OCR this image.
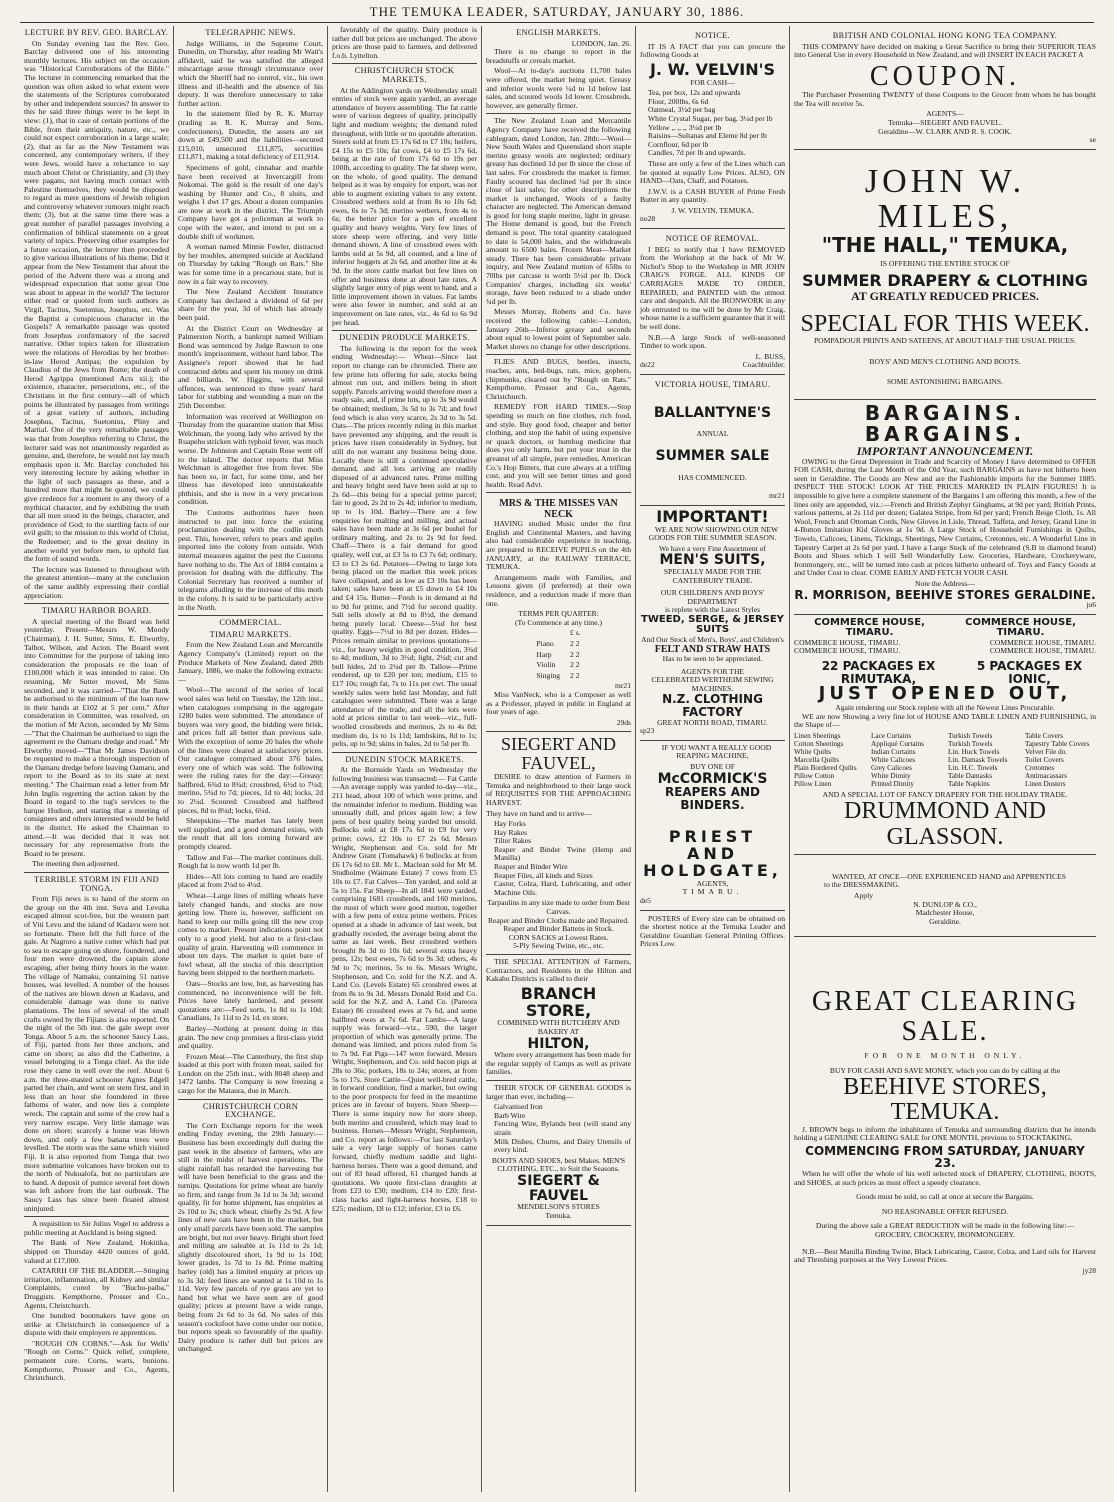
THE TEMUKA LEADER, SATURDAY, JANUARY 30, 1886.
LECTURE BY REV. GEO. BARCLAY.

On Sunday evening last the Rev. Geo. Barclay delivered one of his interesting monthly lectures. His subject on the occasion was "Historical Corroborations of the Bible." The lecturer in commencing remarked that the question was often asked to what extent were the statements of the Scriptures corroborated by other and independent sources? In answer to this he said three things were to be kept in view: (1), that in case of certain portions of the Bible, from their antiquity, nature, etc., we could not expect corroboration in a large scale; (2), that as far as the New Testament was concerned, any contemporary writers, if they were Jews, would have a reluctance to say much about Christ or Christianity, and (3) they were pagans, not having much contact with Palestine themselves, they would be disposed to regard as mere questions of Jewish religion and controversy whatever rumours might reach them; (3), but at the same time there was a great number of parallel passages involving a confirmation of biblical statements on a great variety of topics. Preserving other examples for a future occasion, the lecturer then proceeded to give various illustrations of his theme. Did it appear from the New Testament that about the period of the Advent there was a strong and widespread expectation that some great One was about to appear in the world? The lecturer either read or quoted from such authors as Virgil, Tacitus, Suetonius, Josephus, etc. Was the Baptist a conspicuous character in the Gospels? A remarkable passage was quoted from Josephus confirmatory of the sacred narrative. Other topics taken for illustration were the relations of Herodias by her brother-in-law Herod Antipas; the expulsion by Claudius of the Jews from Rome; the death of Herod Agrippa (mentioned Acts xii.); the existence, character, persecutions, etc., of the Christians in the first century—all of which points he illustrated by passages from writings of a great variety of authors, including Josephus, Tacitus, Suetonius, Pliny and Martial. One of the very remarkable passages was that from Josephus referring to Christ, the lecturer said was not unanimously regarded as genuine, and, therefore, he would not lay much emphasis upon it. Mr. Barclay concluded his very interesting lecture by asking whether in the light of such passages as these, and a hundred more that might be quoted, we could give credence for a moment to any theory of a mythical character, and by exhibiting the truth that all men stood in the beings, character, and providence of God; to the startling facts of our evil guilt; to the mission to this world of Christ, the Redeemer; and to the great destiny in another world yet before men, to uphold fast the form of sound words.

The lecture was listened to throughout with the greatest attention—many at the conclusion of the same audibly expressing their cordial appreciation.

TIMARU HARBOR BOARD.

A special meeting of the Board was held yesterday. Present—Messrs W. Moody (Chairman), J. H. Sutter, Sims, E. Elworthy, Talbot, Wilson, and Acton. The Board went into Committee for the purpose of taking into consideration the proposals re the loan of £100,000 which it was intended to raise. On resuming, Mr Sutter moved, Mr Sims seconded, and it was carried—"That the Bank be authorised to the minimum of the loan now in their hands at £102 at 5 per cent." After consideration in Committee, was resolved, on the motion of Mr Acton, seconded by Mr Sims—"That the Chairman be authorised to sign the agreement re the Oamaru dredge and road." Mr Elworthy moved—"That Mr James Davidson be requested to make a thorough inspection of the Oamaru dredge before leaving Oamaru, and report to the Board as to its state at next meeting." The Chairman read a letter from Mr John Inglis regretting the action taken by the Board in regard to the tug's services to the barque Hudson, and stating that a meeting of consignees and others interested would be held in the district. He asked the Chairman to attend.—It was decided that it was not necessary for any representative from the Board to be present.

The meeting then adjourned.

TERRIBLE STORM IN FIJI AND TONGA.

From Fiji news is to hand of the storm on the group on the 4th inst. Suva and Levuka escaped almost scot-free, but the western part of Viti Levu and the island of Kadavu were not so fortunate. There fell the full force of the gale. At Nagroro a native cutter which had put to sea to escape going on shore, foundered, and four men were drowned, the captain alone escaping, after being thirty hours in the water. The village of Namaku, containing 51 native houses, was levelled. A number of the houses of the natives are blown down at Kadavu, and considerable damage was done to native plantations. The loss of several of the small crafts owned by the Fijians is also reported. On the night of the 5th inst. the gale swept over Tonga. About 5 a.m. the schooner Saucy Lass, of Fiji, parted from her three anchors, and came on shore; as also did the Catherine, a vessel belonging to a Tonga chief. As the tide rose they came in well over the reef. About 6 a.m. the three-masted schooner Agnes Edgell parted her chain, and went on stern first, and in less than an hour she foundered in three fathoms of water, and now lies a complete wreck. The captain and some of the crew had a very narrow escape. Very little damage was done on shore; scarcely a house was blown down, and only a few banana trees were levelled. The storm was the same which visited Fiji. It is also reported from Tonga that two more submarine volcanoes have broken out to the north of Nukualofa, but no particulars are to hand. A deposit of pumice several feet down was left ashore from the last outbreak. The Saucy Lass has since been floated almost uninjured.

A requisition to Sir Julius Vogel to address a public meeting at Auckland is being signed.

The Bank of New Zealand, Hokitika, shipped on Thursday 4420 ounces of gold, valued at £17,000.

CATARRH OF THE BLADDER.—Stinging irritation, inflammation, all Kidney and similar Complaints, cured by "Buchu-paiba," Druggists. Kempthorne, Prosser and Co., Agents, Christchurch.

One hundred bootmakers have gone on strike at Christchurch in consequence of a dispute with their employers re apprentices.

"ROUGH ON CORNS."—Ask for Wells' "Rough on Corns." Quick relief, complete, permanent cure. Corns, warts, bunions. Kempthorne, Prosser and Co., Agents, Christchurch.

TELEGRAPHIC NEWS.

Judge Williams, in the Supreme Court, Dunedin, on Thursday, after reading Mr Watt's affidavit, said he was satisfied the alleged miscarriage arose through circumstance over which the Sheriff had no control, viz., his own illness and ill-health and the absence of his deputy. It was therefore unnecessary to take further action.

In the statement filed by R. K. Murray (trading as R. K. Murray and Sons, confectioners), Dunedin, the assets are set down at £49,500 and the liabilities—secured £15,010, unsecured £11,875, securities £11,871, making a total deficiency of £11,914.

Specimens of gold, cinnabar and marble have been received at Invercargill from Nokomai. The gold is the result of one day's washing by Hunter and Co., 8 sluits, and weighs 1 dwt 17 grs. About a dozen companies are now at work in the district. The Triumph Company have got a policeman at work to cope with the water, and intend to put on a double shift of workmen.

A woman named Minnie Fowler, distracted by her troubles, attempted suicide at Auckland on Thursday by taking "Rough on Rats." She was for some time in a precarious state, but is now in a fair way to recovery.

The New Zealand Accident Insurance Company has declared a dividend of 6d per share for the year, 3d of which has already been paid.

At the District Court on Wednesday at Palmerston North, a bankrupt named William Bond was sentenced by Judge Rawson to one month's imprisonment, without hard labor. The Assignee's report showed that he had contracted debts and spent his money on drink and billiards. W. Higgins, with several offences, was sentenced to three years' hard labor for stabbing and wounding a man on the 25th December.

Information was received at Wellington on Thursday from the quarantine station that Miss Welchman, the young lady who arrived by the Ruapehu stricken with typhoid fever, was much worse. Dr Johnston and Captain Rose went off to the island. The doctor reports that Miss Welchman is altogether free from fever. She has been so, in fact, for some time, and her illness has developed into unmistakeable phthisis, and she is now in a very precarious condition.

The Customs authorities have been instructed to put into force the existing proclamation dealing with the codlin moth pest. This, however, refers to pears and apples imported into the colony from outside. With internal measures against the pest the Customs have nothing to do. The Act of 1884 contains a provision for dealing with the difficulty. The Colonial Secretary has received a number of telegrams alluding to the increase of this moth in the colony. It is said to be particularly active in the North.

COMMERCIAL.
TIMARU MARKETS.

From the New Zealand Loan and Mercantile Agency Company's (Limited) report on the Produce Markets of New Zealand, dated 28th January, 1886, we make the following extracts:—

Wool—The second of the series of local wool sales was held on Tuesday, the 12th inst., when catalogues comprising in the aggregate 1280 bales were submitted. The attendance of buyers was very good, the bidding were brisk, and prices full all better than previous sale. With the exception of some 20 bales the whole of the lines were cleared at satisfactory prices. Our catalogue comprised about 376 bales, every one of which was sold. The following were the ruling rates for the day:—Greasy: halfbred, 6¾d to 8¾d; crossbred, 6½d to 7¼d; merino, 5¾d to 7d; pieces, 1d to 4d; locks, 2d to 2¼d. Scoured: Crossbred and halfbred pieces, 8d to 8¼d; locks, 6¼d.

Sheepskins—The market has lately been well supplied, and a good demand exists, with the result that all lots coming forward are promptly cleared.

Tallow and Fat—The market continues dull. Rough fat is now worth 1d per lb.

Hides—All lots coming to hand are readily placed at from 2¼d to 4¼d.

Wheat—Large lines of milling wheats have lately changed hands, and stocks are now getting low. There is, however, sufficient on hand to keep our mills going till the new crop comes to market. Present indications point not only to a good yield, but also to a first-class quality of grain. Harvesting will commence in about ten days. The market is quiet bare of fowl wheat, all the stocks of this description having been shipped to the northern markets.

Oats—Stocks are low, but, as harvesting has commenced, no inconvenience will be felt. Prices have lately hardened, and present quotations are:—Feed sorts, 1s 8d to 1s 10d; Canadians, 1s 11d to 2s 1d, ex store.

Barley—Nothing at present doing in this grain. The new crop promises a first-class yield and quality.

Frozen Meat—The Canterbury, the first ship loaded at this port with frozen meat, sailed for London on the 25th inst., with 8048 sheep and 1472 lambs. The Company is now freezing a cargo for the Mataura, due in March.

CHRISTCHURCH CORN EXCHANGE.

The Corn Exchange reports for the week ending Friday evening, the 29th January:— Business has been exceedingly dull during the past week in the absence of farmers, who are still in the midst of harvest operations. The slight rainfall has retarded the harvesting but will have been beneficial to the grass and the turnips. Quotations for prime wheat are barely so firm, and range from 3s 1d to 3s 3d; second quality, fit for home shipment, has enquiries at 2s 10d to 3s; chick wheat, chiefly 2s 9d. A few lines of new oats have been in the market, but only small parcels have been sold. The samples are bright, but not over heavy. Bright short feed and milling are saleable at 1s 11d to 2s 1d; slightly discoloured short, 1s 9d to 1s 10d; lower grades, 1s 7d to 1s 8d. Prime malting barley (old) has a limited enquiry at prices up to 3s 3d; feed lines are wanted at 1s 10d to 1s 11d. Very few parcels of rye grass are yet to hand but what we have seen are of good quality; prices at present have a wide range, being from 2s 6d to 3s 6d. No sales of this season's cocksfoot have come under our notice, but reports speak so favourably of the quality. Dairy produce is rather dull but prices are unchanged.

favorably of the quality. Dairy produce is rather dull but prices are unchanged. The above prices are those paid to farmers, and delivered f.o.b. Lyttelton.

CHRISTCHURCH STOCK MARKETS.

At the Addington yards on Wednesday small entries of stock were again yarded, an average attendance of buyers assembling. The fat cattle were of various degrees of quality, principally light and medium weights; the demand ruled throughout, with little or no quotable alteration. Steers sold at from £5 17s 6d to £7 10s; heifers, £4 15s to £5 10s; fat cows, £4 to £5 17s 6d, being at the rate of from 17s 6d to 19s per 100lb, according to quality. The fat sheep were, on the whole, of good quality. The demand helped as it was by enquiry for export, was not able to augment existing values to any extent. Crossbred wethers sold at from 8s to 10s 6d; ewes, 6s to 7s 3d; merino wethers, from 4s to 6s; the better price for a pen of excellent quality and heavy weights. Very few lines of store sheep were offering, and very little demand shown. A line of crossbred ewes with lambs sold at 5s 9d, all counted, and a line of inferior hoggets at 2s 6d, and another line at 4s 9d. In the store cattle market but few lines on offer and business done at about late rates. A slightly larger entry of pigs went to hand, and a little improvement shown in values. Fat lambs were also fewer in number, and sold at an improvement on late rates, viz., 4s 6d to 6s 9d per head.

DUNEDIN PRODUCE MARKETS.

The following is the report for the week ending Wednesday:— Wheat—Since last report no change can be chronicled. There are few prime lots offering for sale, stocks being almost run out, and millers being in short supply. Parcels arriving would therefore meet a ready sale, and, if prime lots, up to 3s 9d would be obtained; medium, 3s 5d to 3s 7d; and fowl feed which is also very scarce, 2s 3d to 3s 5d. Oats—The prices recently ruling in this market have prevented any shipping, and the result is prices have risen considerably in Sydney, but still do not warrant any business being done. Locally there is still a continued speculative demand, and all lots arriving are readily disposed of at advanced rates. Prime milling and heavy bright seed have been sold at up to 2s 6d—this being for a special prime parcel; fair to good, 2s 2d to 2s 4d; inferior to medium, up to 1s 10d. Barley—There are a few enquiries for malting and milling, and actual sales have been made at 3s 6d per bushel for ordinary malting, and 2s to 2s 9d for feed. Chaff—There is a fair demand for good quality, well cut, at £3 5s to £3 7s 6d; ordinary, £3 to £3 2s 6d. Potatoes—Owing to large lots being placed on the market this week prices have collapsed, and as low as £3 10s has been taken; sales have been at £5 down to £4 10s and £4 15s. Butter—Fresh is in demand at 8d to 9d for prime, and 7½d for second quality. Salt sells slowly at 8d to 8½d, the demand being purely local. Cheese—5¼d for best quality. Eggs—7½d to 8d per dozen. Hides—Prices remain similar to previous quotations—viz., for heavy weights in good condition, 3¾d to 4d; medium, 3d to 3½d; light, 2¼d; cut and bull hides, 2d to 2¼d per lb. Tallow—Prime rendered, up to £20 per ton; medium, £15 to £17 10s; rough fat, 7s to 11s per cwt. The usual weekly sales were held last Monday, and full catalogues were submitted. There was a large attendance of the trade, and all the lots were sold at prices similar to last week—viz., full-woolled crossbreds and merinos, 2s to 4s 8d; medium do, 1s to 1s 11d; lambskins, 8d to 1s; pelts, up to 9d; skins in bales, 2d to 5d per lb.

DUNEDIN STOCK MARKETS.

At the Burnside Yards on Wednesday the following business was transacted:— Fat Cattle—An average supply was yarded to-day—viz., 211 head, about 100 of which were prime, and the remainder inferior to medium. Bidding was unusually dull, and prices again low; a few pens of best quality being yarded but unsold. Bullocks sold at £8 17s 6d to £9 for very prime; cows, £2 10s to £7 2s 6d. Messrs Wright, Stephenson and Co. sold for Mr Andrew Grant (Tomahawk) 6 bullocks at from £6 17s 6d to £8. Mr L. Maclean sold for Mr M. Studholme (Waimate Estate) 7 cows from £5 10s to £7. Fat Calves—Ten yarded, and sold at 5s to 15s. Fat Sheep—In all 1841 were yarded, comprising 1681 crossbreds, and 160 merinos, the most of which were good mutton, together with a few pens of extra prime wethers. Prices opened at a shade in advance of last week, but gradually receded, the average being about the same as last week. Best crossbred wethers brought 8s 3d to 10s 6d; several extra heavy pens, 12s; best ewes, 7s 6d to 9s 3d; others, 4s 9d to 7s; merinos, 5s to 6s. Messrs Wright, Stephenson, and Co. sold for the N.Z. and A. Land Co. (Levels Estate) 65 crossbred ewes at from 8s to 9s 3d. Messrs Donald Reid and Co. sold for the N.Z. and A. Land Co. (Pareora Estate) 86 crossbred ewes at 7s 6d, and some halfbred ewes at 7s 6d. Fat Lambs—A large supply was forward—viz., 590, the larger proportion of which was generally prime. The demand was limited, and prices ruled from 5s to 7s 9d. Fat Pigs—147 were forward. Messrs Wright, Stephenson, and Co. sold bacon pigs at 28s to 36s; porkers, 18s to 24s; stores, at from 5s to 17s. Store Cattle—Quiet well-bred cattle, in forward condition, find a market, but owing to the poor prospects for feed in the meantime prices are in favour of buyers. Store Sheep—There is some inquiry now for store sheep, both merino and crossbred, which may lead to business. Horses—Messrs Wright, Stephenson, and Co. report as follows:—For last Saturday's sale a very large supply of horses came forward, chiefly medium saddle and light-harness horses. There was a good demand, and out of 83 head offered, 61 changed hands at quotations. We quote first-class draughts at from £23 to £30; medium, £14 to £20; first-class hacks and light-harness horses, £18 to £25; medium, £8 to £12; inferior, £3 to £6.

ENGLISH MARKETS.
LONDON, Jan. 26.

There is no change to report in the breadstuffs or cereals market.

Wool—At to-day's auctions 11,700 bales were offered, the market being quiet. Greasy and inferior wools were ¼d to 1d below last sales, and scoured wools 1d lower. Crossbreds, however, are generally firmer.

The New Zealand Loan and Mercantile Agency Company have received the following cablegram, dated London, Jan. 28th:—Wool—New South Wales and Queensland short staple merino greasy wools are neglected; ordinary greasy has declined 1d per lb since the close of last sales. For crossbreds the market is firmer. Faulty scoured has declined ¼d per lb since close of last sales; for other descriptions the market is unchanged. Wools of a faulty character are neglected. The American demand is good for long staple merino, light in grease. The Home demand is good, but the French demand is poor. The total quantity catalogued to date is 54,000 bales, and the withdrawals amount to 6500 bales. Frozen Meat—Market steady. There has been considerable private inquiry, and New Zealand mutton of 65lbs to 70lbs per carcase is worth 5½d per lb. Dock Companies' charges, including six weeks' storage, have been reduced to a shade under ¾d per lb.

Messrs Murray, Roberts and Co. have received the following cable:—London, January 26th—Inferior greasy and seconds about equal to lowest point of September sale. Market shows no change for other descriptions.

FLIES AND BUGS, beetles, insects, roaches, ants, bed-bugs, rats, mice, gophers, chipmunks, cleared out by "Rough on Rats." Kempthorne, Prosser and Co., Agents, Christchurch.

REMEDY FOR HARD TIMES.—Stop spending so much on fine clothes, rich food, and style. Buy good food, cheaper and better clothing, and stop the habit of using expensive or quack doctors, or humbug medicine that does you only harm, but put your trust in the greatest of all simple, pure remedies, American Co.'s Hop Bitters, that cure always at a trifling cost, and you will see better times and good health. Read Advt.

MRS & THE MISSES VAN NECK

HAVING studied Music under the first English and Continental Masters, and having also had considerable experience in teaching, are prepared to RECEIVE PUPILS on the 4th JANUARY, at the RAILWAY TERRACE, TEMUKA.

Arrangements made with Families, and Lessons given (if preferred) at their own residence, and a reduction made if more than one.

TERMS PER QUARTER:
(To Commence at any time.)
	£ s.
Piano	2 2
Harp	2 2
Violin	2 2
Singing	2 2
mr21

Miss VanNeck, who is a Composer as well as a Professor, played in public in England at four years of age.

29ds
SIEGERT AND FAUVEL,

DESIRE to draw attention of Farmers in Temuka and neighborhood to their large stock of REQUISITES FOR THE APPROACHING HARVEST.

They have on hand and to arrive—
Hay Forks
Hay Rakes
Tilter Rakes
Reaper and Binder Twine (Hemp and Manilla)
Reaper and Binder Wire
Reaper Files, all kinds and Sizes
Castor, Colza, Hard, Lubricating, and other Machine Oils.
Tarpaulins in any size made to order from Best Canvas.
Reaper and Binder Cloths made and Repaired.
Reaper and Binder Battens in Stock.
CORN SACKS at Lowest Rates.
5-Ply Sewing Twine, etc., etc.

THE SPECIAL ATTENTION of Farmers, Contractors, and Residents in the Hilton and Kakahu Districts is called to their

BRANCH STORE,
COMBINED WITH BUTCHERY AND BAKERY AT
HILTON,

Where every arrangement has been made for the regular supply of Camps as well as private families.

THEIR STOCK OF GENERAL GOODS is larger than ever, including—

Galvanised Iron
Barb Wire
Fencing Wire, Bylands best (will stand any strain
Milk Dishes, Churns, and Dairy Utensils of every kind.
BOOTS AND SHOES, best Makes. MEN'S CLOTHING, ETC., to Suit the Seasons.
SIEGERT & FAUVEL
MENDELSON'S STORES
Temuka.
NOTICE.

IT IS A FACT that you can procure the following Goods at

J. W. VELVIN'S
FOR CASH—
Tea, per box, 12s and upwards
Flour, 200lbs, 6s 6d
Oatmeal, 3½d per bag
White Crystal Sugar, per bag, 3¼d per lb
Yellow ,, ,, ,, 3¼d per lb
Raisins—Sultanas and Eleme 8d per lb
Cornflour, 6d per lb
Candles, 7d per lb and upwards.

These are only a few of the Lines which can be quoted at equally Low Prices. ALSO, ON HAND—Oats, Chaff, and Potatoes.

J.W.V. is a CASH BUYER of Prime Fresh Butter in any quantity.

J. W. VELVIN, TEMUKA.
no28
NOTICE OF REMOVAL.

I BEG to notify that I have REMOVED from the Workshop at the back of Mr W. Nichol's Shop to the Workshop in MR JOHN CRAIG'S FORGE. ALL KINDS OF CARRIAGES MADE TO ORDER, REPAIRED, and PAINTED with the utmost care and despatch. All the IRONWORK in any job entrusted to me will be done by Mr Craig, whose name is a sufficient guarantee that it will be well done.

N.B.—A large Stock of well-seasoned Timber to work upon.

L. BUSS,
de22	Coachbuilder.
VICTORIA HOUSE, TIMARU.
BALLANTYNE'S
ANNUAL
SUMMER SALE
HAS COMMENCED.
mr21
IMPORTANT!

WE ARE NOW SHOWING OUR NEW GOODS FOR THE SUMMER SEASON.

We have a very Fine Assortment of
MEN'S SUITS,
SPECIALLY MADE FOR THE CANTERBURY TRADE.
OUR CHILDREN'S AND BOYS' DEPARTMENT
is replete with the Latest Styles
TWEED, SERGE, & JERSEY SUITS
And Our Stock of Men's, Boys', and Children's
FELT AND STRAW HATS
Has to be seen to be appreciated.
AGENTS FOR THE
CELEBRATED WERTHEIM SEWING MACHINES.
N.Z. CLOTHING FACTORY
GREAT NORTH ROAD, TIMARU.
sp23

IF YOU WANT A REALLY GOOD REAPING MACHINE,

BUY ONE OF
McCORMICK'S
REAPERS AND BINDERS.
PRIEST AND HOLDGATE,
AGENTS,
TIMARU.
de5

POSTERS of Every size can be obtained on the shortest notice at the Temuka Leader and Geraldine Guardian General Printing Offices. Prices Low.

BRITISH AND COLONIAL HONG KONG TEA COMPANY.

THIS COMPANY have decided on making a Great Sacrifice to bring their SUPERIOR TEAS into General Use in every Household in New Zealand, and will INSERT IN EACH PACKET A

COUPON.

The Purchaser Presenting TWENTY of these Coupons to the Grocer from whom he has bought the Tea will receive 5s.

AGENTS—
Temuka—SIEGERT AND FAUVEL.
Geraldine—W. CLARK AND R. S. COOK.
se
JOHN W. MILES,
"THE HALL," TEMUKA,
IS OFFERING THE ENTIRE STOCK OF
SUMMER DRAPERY & CLOTHING
AT GREATLY REDUCED PRICES.
SPECIAL FOR THIS WEEK.
POMPADOUR PRINTS AND SATEENS, AT ABOUT HALF THE USUAL PRICES.
BOYS' AND MEN'S CLOTHING AND BOOTS.
SOME ASTONISHING BARGAINS.
BARGAINS. BARGAINS.
IMPORTANT ANNOUNCEMENT.

OWING to the Great Depression in Trade and Scarcity of Money I have determined to OFFER FOR CASH, during the Last Month of the Old Year, such BARGAINS as have not hitherto been seen in Geraldine. The Goods are New and are the Fashionable imports for the Summer 1885. INSPECT THE STOCK! LOOK AT THE PRICES MARKED IN PLAIN FIGURES! It is impossible to give here a complete statement of the Bargains I am offering this month, a few of the lines only are appended, viz.:—French and British Zephyr Ginghams, at 9d per yard; British Prints, various patterns, at 2s 11d per dozen; Galatea Stripe, from 6d per yard; French Beige Cloth, 1s. All Wool, French and Ottoman Cords, New Gloves in Lisle, Thread, Taffeta, and Jersey, Grand Line in 4-Button Imitation Kid Gloves at 1s 9d. A Large Stock of Household Furnishings in Quilts, Towels, Calicoes, Linens, Tickings, Sheetings, New Curtains, Cretonnes, etc. A Wonderful Line in Tapestry Carpet at 2s 6d per yard. I have a Large Stock of the celebrated (S.B in diamond brand) Boots and Shoes which I will Sell Wonderfully Low. Groceries, Hardware, Crockeryware, Ironmongery, etc., will be turned into cash at prices hitherto unheard of. Toys and Fancy Goods at and Under Cost to clear. COME EARLY AND FETCH YOUR CASH.

Note the Address—
R. MORRISON, BEEHIVE STORES GERALDINE.
ju6
COMMERCE HOUSE, TIMARU.
COMMERCE HOUSE, TIMARU.
COMMERCE HOUSE, TIMARU.	COMMERCE HOUSE, TIMARU.
COMMERCE HOUSE, TIMARU.	COMMERCE HOUSE, TIMARU.
22 PACKAGES EX RIMUTAKA,
5 PACKAGES EX IONIC,
JUST OPENED OUT,
Again rendering our Stock replete with all the Newest Lines Procurable.

WE are now Showing a very fine lot of HOUSE AND TABLE LINEN AND FURNISHING, in the Shape of—

Linen Sheetings	Lace Curtains	Turkish Towels	Table Covers
Cotton Sheetings	Appliqué Curtains	Turkish Towels	Tapestry Table Covers
White Quilts	Indian Curtains	Lin. Huck Towels	Velvet File do.
Marcella Quilts	White Calicoes	Lin. Damask Towels	Toilet Covers
Plain Bordered Quilts	Grey Calicoes	Lin. H.C. Towels	Cretonnes
Pillow Cotton	White Dimity	Table Damasks	Antimacassars
Pillow Linen	Printed Dimity	Table Napkins	Linen Dusters
AND A SPECIAL LOT OF FANCY DRAPERY FOR THE HOLIDAY TRADE.
DRUMMOND AND GLASSON.

WANTED, AT ONCE—ONE EXPERIENCED HAND and APPRENTICES to the DRESSMAKING.

Apply
N. DUNLOP & CO.,
Madchester House,
Geraldine.
GREAT CLEARING SALE.
FOR ONE MONTH ONLY.
BUY FOR CASH AND SAVE MONEY, which you can do by calling at the
BEEHIVE STORES, TEMUKA.

J. BROWN begs to inform the inhabitants of Temuka and surrounding districts that he intends holding a GENUINE CLEARING SALE for ONE MONTH, previous to STOCKTAKING,

COMMENCING FROM SATURDAY, JANUARY 23.

When he will offer the whole of his well selected stock of DRAPERY, CLOTHING, BOOTS, and SHOES, at such prices as must effect a speedy clearance.

Goods must be sold, so call at once at secure the Bargains.
NO REASONABLE OFFER REFUSED.
During the above sale a GREAT REDUCTION will be made in the following line:—
GROCERY, CROCKERY, IRONMONGERY.

N.B.—Best Manilla Binding Twine, Black Lubricating, Castor, Colza, and Lard oils for Harvest and Threshing purposes at the Very Lowest Prices.

jy28
